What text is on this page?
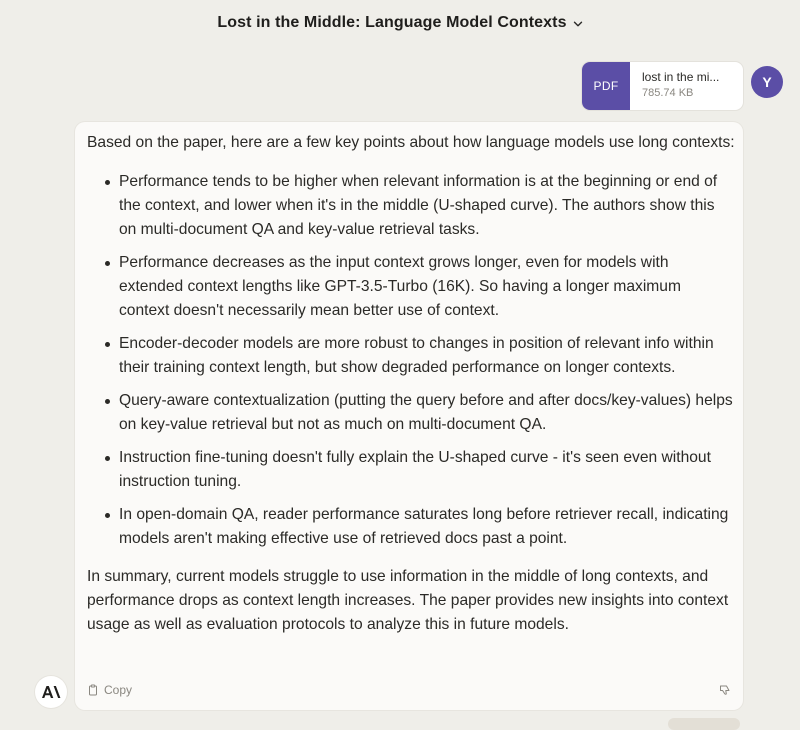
Lost in the Middle: Language Model Contexts
PDF
lost in the mi...
785.74 KB
Y

Based on the paper, here are a few key points about how language models use long contexts:

Performance tends to be higher when relevant information is at the beginning or end of the context, and lower when it's in the middle (U-shaped curve). The authors show this on multi-document QA and key-value retrieval tasks.
Performance decreases as the input context grows longer, even for models with extended context lengths like GPT-3.5-Turbo (16K). So having a longer maximum context doesn't necessarily mean better use of context.
Encoder-decoder models are more robust to changes in position of relevant info within their training context length, but show degraded performance on longer contexts.
Query-aware contextualization (putting the query before and after docs/key-values) helps on key-value retrieval but not as much on multi-document QA.
Instruction fine-tuning doesn't fully explain the U-shaped curve - it's seen even without instruction tuning.
In open-domain QA, reader performance saturates long before retriever recall, indicating models aren't making effective use of retrieved docs past a point.

In summary, current models struggle to use information in the middle of long contexts, and performance drops as context length increases. The paper provides new insights into context usage as well as evaluation protocols to analyze this in future models.

Copy
